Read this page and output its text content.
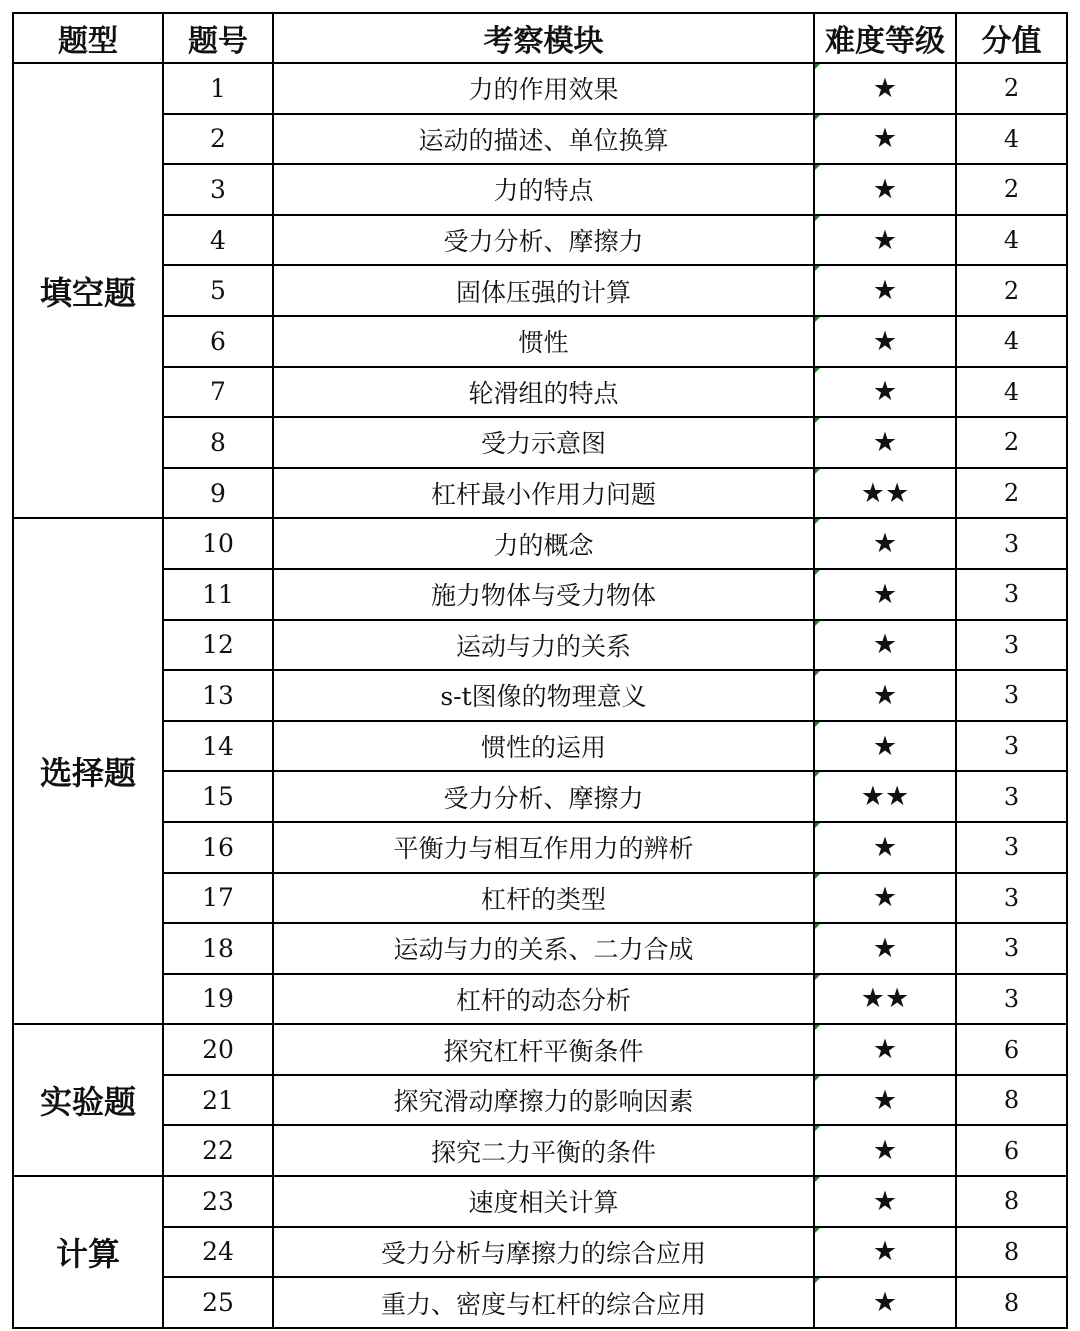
题型	题号	考察模块	难度等级	分值
填空题	1	力的作用效果	★	2
	2	运动的描述、单位换算	★	4
	3	力的特点	★	2
	4	受力分析、摩擦力	★	4
	5	固体压强的计算	★	2
	6	惯性	★	4
	7	轮滑组的特点	★	4
	8	受力示意图	★	2
	9	杠杆最小作用力问题	★★	2
选择题	10	力的概念	★	3
	11	施力物体与受力物体	★	3
	12	运动与力的关系	★	3
	13	s-t图像的物理意义	★	3
	14	惯性的运用	★	3
	15	受力分析、摩擦力	★★	3
	16	平衡力与相互作用力的辨析	★	3
	17	杠杆的类型	★	3
	18	运动与力的关系、二力合成	★	3
	19	杠杆的动态分析	★★	3
实验题	20	探究杠杆平衡条件	★	6
	21	探究滑动摩擦力的影响因素	★	8
	22	探究二力平衡的条件	★	6
计算	23	速度相关计算	★	8
	24	受力分析与摩擦力的综合应用	★	8
	25	重力、密度与杠杆的综合应用	★	8
